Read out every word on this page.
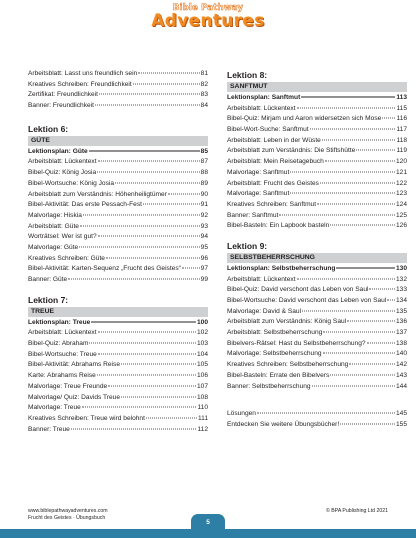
Bible Pathway
Adventures
Arbeitsblatt: Lasst uns freundlich sein	81
Kreatives Schreiben: Freundlichkeit	82
Zertifikat: Freundlichkeit	83
Banner: Freundlichkeit	84
Lektion 6:
GÜTE
Lektionsplan: Güte	85
Arbeitsblatt: Lückentext	87
Bibel-Quiz: König Josia	88
Bibel-Wortsuche: König Josia	89
Arbeitsblatt zum Verständnis: Höhenheiligtümer	90
Bibel-Aktivität: Das erste Pessach-Fest	91
Malvorlage: Hiskia	92
Arbeitsblatt: Güte	93
Worträtsel: Wer ist gut?	94
Malvorlage: Güte	95
Kreatives Schreiben: Güte	96
Bibel-Aktivität: Karten-Sequenz „Frucht des Geistes“	97
Banner: Güte	99
Lektion 7:
TREUE
Lektionsplan: Treue	100
Arbeitsblatt: Lückentext	102
Bibel-Quiz: Abraham	103
Bibel-Wortsuche: Treue	104
Bibel-Aktivität: Abrahams Reise	105
Karte: Abrahams Reise	106
Malvorlage: Treue Freunde	107
Malvorlage/ Quiz: Davids Treue	108
Malvorlage: Treue	110
Kreatives Schreiben: Treue wird belohnt	111
Banner: Treue	112
Lektion 8:
SANFTMUT
Lektionsplan: Sanftmut	113
Arbeitsblatt: Lückentext	115
Bibel-Quiz: Mirjam und Aaron widersetzen sich Mose 116
Bibel-Wort-Suche: Sanftmut	117
Arbeitsblatt: Leben in der Wüste	118
Arbeitsblatt zum Verständnis: Die Stiftshütte	119
Arbeitsblatt: Mein Reisetagebuch	120
Malvorlage: Sanftmut	121
Arbeitsblatt: Frucht des Geistes	122
Malvorlage: Sanftmut	123
Kreatives Schreiben: Sanftmut	124
Banner: Sanftmut	125
Bibel-Basteln: Ein Lapbook basteln	126
Lektion 9:
SELBSTBEHERRSCHUNG
Lektionsplan: Selbstbeherrschung	130
Arbeitsblatt: Lückentext	132
Bibel-Quiz: David verschont das Leben von Saul	133
Bibel-Wortsuche: David verschont das Leben von Saul 134
Malvorlage: David & Saul	135
Arbeitsblatt zum Verständnis: König Saul	136
Arbeitsblatt: Selbstbeherrschung	137
Bibelvers-Rätsel: Hast du Selbstbeherrschung?	138
Malvorlage: Selbstbeherrschung	140
Kreatives Schreiben: Selbstbeherrschung	142
Bibel-Basteln: Errate den Bibelvers	143
Banner: Selbstbeherrschung	144
Lösungen	145
Entdecken Sie weitere Übungsbücher!	155
www.biblepathwayadventures.com
Frucht des Geistes · Übungsbuch
5
© BPA Publishing Ltd 2021
